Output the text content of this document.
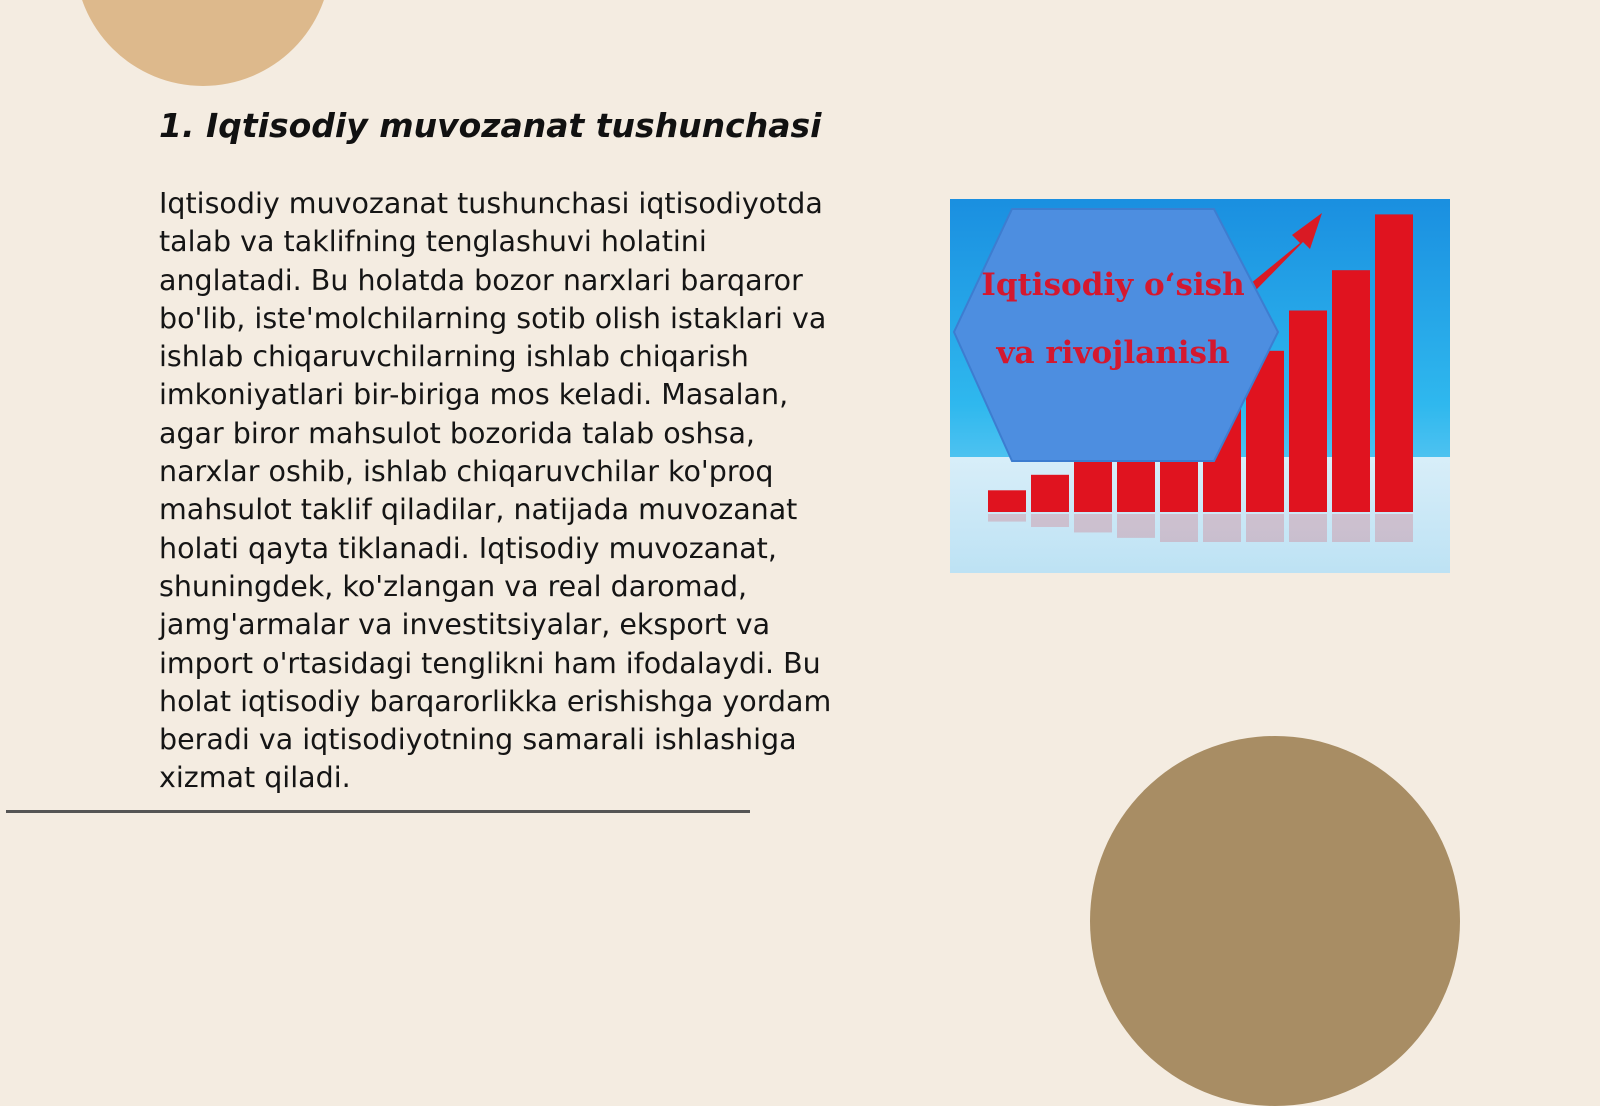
1. Iqtisodiy muvozanat tushunchasi

Iqtisodiy muvozanat tushunchasi iqtisodiyotda talab va taklifning tenglashuvi holatini anglatadi. Bu holatda bozor narxlari barqaror bo'lib, iste'molchilarning sotib olish istaklari va ishlab chiqaruvchilarning ishlab chiqarish imkoniyatlari bir-biriga mos keladi. Masalan, agar biror mahsulot bozorida talab oshsa, narxlar oshib, ishlab chiqaruvchilar ko'proq mahsulot taklif qiladilar, natijada muvozanat holati qayta tiklanadi. Iqtisodiy muvozanat, shuningdek, ko'zlangan va real daromad, jamg'armalar va investitsiyalar, eksport va import o'rtasidagi tenglikni ham ifodalaydi. Bu holat iqtisodiy barqarorlikka erishishga yordam beradi va iqtisodiyotning samarali ishlashiga xizmat qiladi.

Iqtisodiy o‘sish va rivojlanish
